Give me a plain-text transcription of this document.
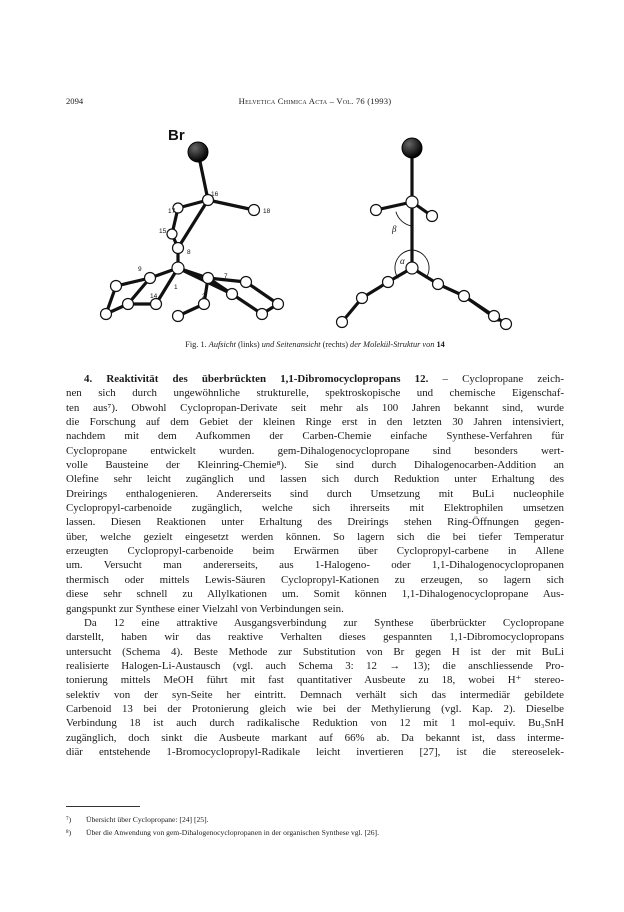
2094	Helvetica Chimica Acta – Vol. 76 (1993)
Br
16
17	18
15
8
9
7
1
14	2
β
α
Fig. 1. Aufsicht (links) und Seitenansicht (rechts) der Molekül-Struktur von 14
4. Reaktivität des überbrückten 1,1-Dibromocyclopropans 12. – Cyclopropane zeich-
nen sich durch ungewöhnliche strukturelle, spektroskopische und chemische Eigenschaf-
ten aus⁷). Obwohl Cyclopropan-Derivate seit mehr als 100 Jahren bekannt sind, wurde
die Forschung auf dem Gebiet der kleinen Ringe erst in den letzten 30 Jahren intensiviert,
nachdem mit dem Aufkommen der Carben-Chemie einfache Synthese-Verfahren für
Cyclopropane entwickelt wurden. gem-Dihalogenocyclopropane sind besonders wert-
volle Bausteine der Kleinring-Chemie⁸). Sie sind durch Dihalogenocarben-Addition an
Olefine sehr leicht zugänglich und lassen sich durch Reduktion unter Erhaltung des
Dreirings enthalogenieren. Andererseits sind durch Umsetzung mit BuLi nucleophile
Cyclopropyl-carbenoide zugänglich, welche sich ihrerseits mit Elektrophilen umsetzen
lassen. Diesen Reaktionen unter Erhaltung des Dreirings stehen Ring-Öffnungen gegen-
über, welche gezielt eingesetzt werden können. So lagern sich die bei tiefer Temperatur
erzeugten Cyclopropyl-carbenoide beim Erwärmen über Cyclopropyl-carbene in Allene
um. Versucht man andererseits, aus 1-Halogeno- oder 1,1-Dihalogenocyclopropanen
thermisch oder mittels Lewis-Säuren Cyclopropyl-Kationen zu erzeugen, so lagern sich
diese sehr schnell zu Allylkationen um. Somit können 1,1-Dihalogenocyclopropane Aus-
gangspunkt zur Synthese einer Vielzahl von Verbindungen sein.
Da 12 eine attraktive Ausgangsverbindung zur Synthese überbrückter Cyclopropane
darstellt, haben wir das reaktive Verhalten dieses gespannten 1,1-Dibromocyclopropans
untersucht (Schema 4). Beste Methode zur Substitution von Br gegen H ist der mit BuLi
realisierte Halogen-Li-Austausch (vgl. auch Schema 3: 12 → 13); die anschliessende Pro-
tonierung mittels MeOH führt mit fast quantitativer Ausbeute zu 18, wobei H⁺ stereo-
selektiv von der syn-Seite her eintritt. Demnach verhält sich das intermediär gebildete
Carbenoid 13 bei der Protonierung gleich wie bei der Methylierung (vgl. Kap. 2). Dieselbe
Verbindung 18 ist auch durch radikalische Reduktion von 12 mit 1 mol-equiv. Bu₃SnH
zugänglich, doch sinkt die Ausbeute markant auf 66% ab. Da bekannt ist, dass interme-
diär entstehende 1-Bromocyclopropyl-Radikale leicht invertieren [27], ist die stereoselek-
⁷) Übersicht über Cyclopropane: [24] [25].
⁸) Über die Anwendung von gem-Dihalogenocyclopropanen in der organischen Synthese vgl. [26].
